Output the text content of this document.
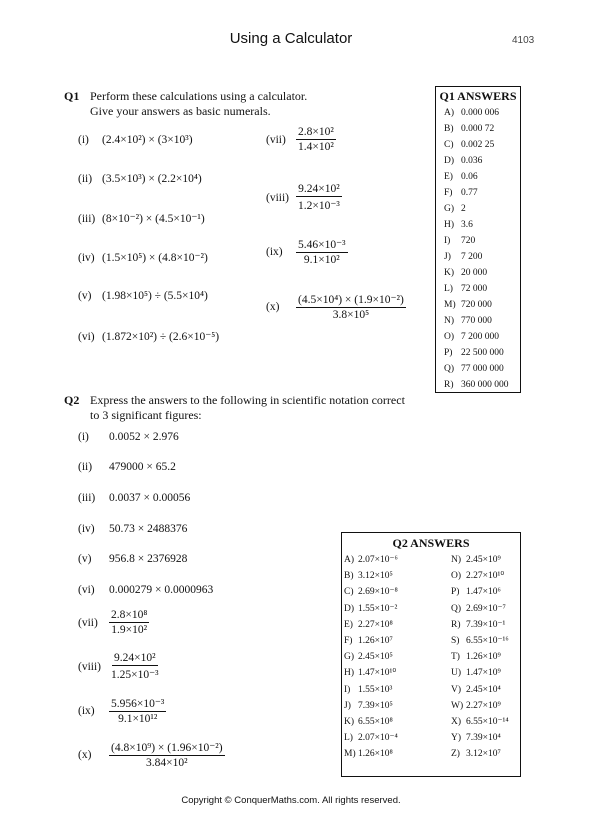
Using a Calculator	4103
Q1 Perform these calculations using a calculator.
Give your answers as basic numerals.
(i) (2.4×10²) × (3×10³)
(ii) (3.5×10³) × (2.2×10⁴)
(iii) (8×10⁻²) × (4.5×10⁻¹)
(iv) (1.5×10⁵) × (4.8×10⁻²)
(v) (1.98×10⁵) ÷ (5.5×10⁴)
(vi) (1.872×10²) ÷ (2.6×10⁻⁵)
$(vii) \frac{\text{2.8×10²}}{\text{1.4×10²}}$
(viii) $\frac{\text{9.24×10²}}{\text{1.2×10⁻³}}$
$(ix) \frac{\text{5.46×10⁻³}}{\text{9.1×10²}}$
$(x) \frac{\text{(4.5×10⁴) × (1.9×10⁻²)}}{\text{3.8×10⁵}}$
Q1 ANSWERS
A) 0.000 006
B) 0.000 72
C) 0.002 25
D) 0.036
E) 0.06
F) 0.77
G) 2
H) 3.6
I) 720
J) 7 200
K) 20 000
L) 72 000
M) 720 000
N) 770 000
O) 7 200 000
P) 22 500 000
Q) 77 000 000
R) 360 000 000
Q2 Express the answers to the following in scientific notation correct
to 3 significant figures:
(i) 0.0052 × 2.976
(ii) 479000 × 65.2
(iii) 0.0037 × 0.00056
(iv) 50.73 × 2488376
(v) 956.8 × 2376928
(vi) 0.000279 × 0.0000963
$(vii) \frac{\text{2.8×10⁸}}{\text{1.9×10²}}$
(viii) $\frac{\text{9.24×10²}}{\text{1.25×10⁻³}}$
$(ix) \frac{\text{5.956×10⁻³}}{\text{9.1×10¹²}}$
$(x) \frac{\text{(4.8×10⁹) × (1.96×10⁻²)}}{\text{3.84×10²}}$
Q2 ANSWERS
A) 2.07×10⁻⁶
B) 3.12×10⁵
C) 2.69×10⁻⁸
D) 1.55×10⁻²
E) 2.27×10⁸
F) 1.26×10⁷
G) 2.45×10⁵
H) 1.47×10¹⁰
I) 1.55×10³
J) 7.39×10⁵
K) 6.55×10⁸
L) 2.07×10⁻⁴
M) 1.26×10⁸
N) 2.45×10⁹
O) 2.27×10¹⁰
P) 1.47×10⁶
Q) 2.69×10⁻⁷
R) 7.39×10⁻¹
S) 6.55×10⁻¹⁶
T) 1.26×10⁹
U) 1.47×10⁹
V) 2.45×10⁴
W) 2.27×10⁹
X) 6.55×10⁻¹⁴
Y) 7.39×10⁴
Z) 3.12×10⁷
Copyright © ConquerMaths.com. All rights reserved.
